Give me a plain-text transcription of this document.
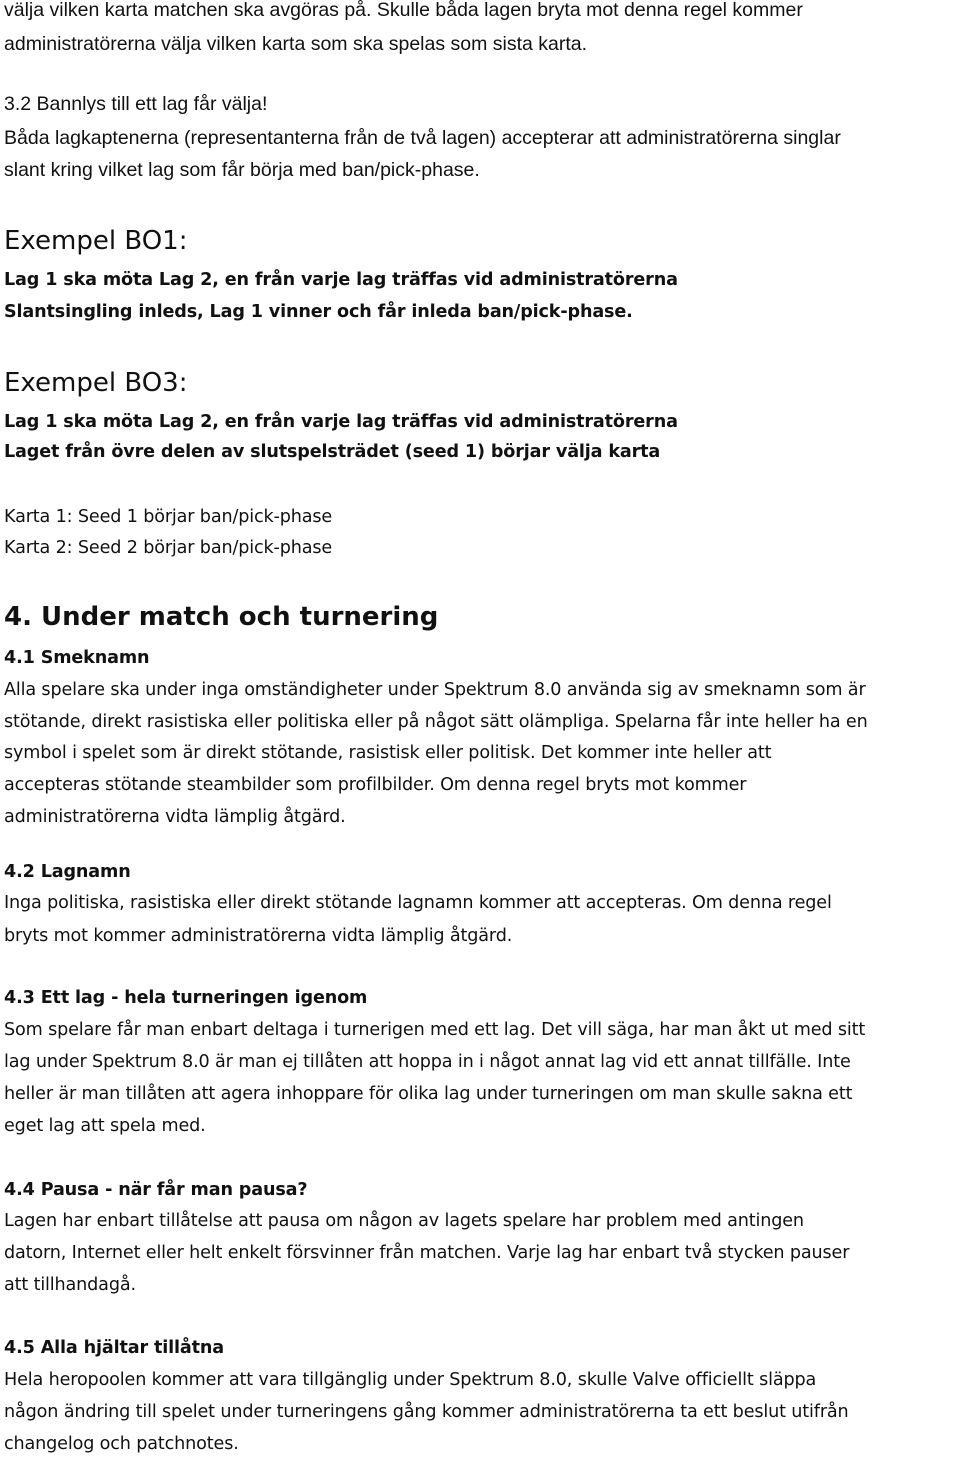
välja vilken karta matchen ska avgöras på. Skulle båda lagen bryta mot denna regel kommer
administratörerna välja vilken karta som ska spelas som sista karta.
3.2 Bannlys till ett lag får välja!
Båda lagkaptenerna (representanterna från de två lagen) accepterar att administratörerna singlar
slant kring vilket lag som får börja med ban/pick-phase.
Exempel BO1:
Lag 1 ska möta Lag 2, en från varje lag träffas vid administratörerna
Slantsingling inleds, Lag 1 vinner och får inleda ban/pick-phase.
Exempel BO3:
Lag 1 ska möta Lag 2, en från varje lag träffas vid administratörerna
Laget från övre delen av slutspelsträdet (seed 1) börjar välja karta
Karta 1: Seed 1 börjar ban/pick-phase
Karta 2: Seed 2 börjar ban/pick-phase
4. Under match och turnering
4.1 Smeknamn
Alla spelare ska under inga omständigheter under Spektrum 8.0 använda sig av smeknamn som är
stötande, direkt rasistiska eller politiska eller på något sätt olämpliga. Spelarna får inte heller ha en
symbol i spelet som är direkt stötande, rasistisk eller politisk. Det kommer inte heller att
accepteras stötande steambilder som profilbilder. Om denna regel bryts mot kommer
administratörerna vidta lämplig åtgärd.
4.2 Lagnamn
Inga politiska, rasistiska eller direkt stötande lagnamn kommer att accepteras. Om denna regel
bryts mot kommer administratörerna vidta lämplig åtgärd.
4.3 Ett lag - hela turneringen igenom
Som spelare får man enbart deltaga i turnerigen med ett lag. Det vill säga, har man åkt ut med sitt
lag under Spektrum 8.0 är man ej tillåten att hoppa in i något annat lag vid ett annat tillfälle. Inte
heller är man tillåten att agera inhoppare för olika lag under turneringen om man skulle sakna ett
eget lag att spela med.
4.4 Pausa - när får man pausa?
Lagen har enbart tillåtelse att pausa om någon av lagets spelare har problem med antingen
datorn, Internet eller helt enkelt försvinner från matchen. Varje lag har enbart två stycken pauser
att tillhandagå.
4.5 Alla hjältar tillåtna
Hela heropoolen kommer att vara tillgänglig under Spektrum 8.0, skulle Valve officiellt släppa
någon ändring till spelet under turneringens gång kommer administratörerna ta ett beslut utifrån
changelog och patchnotes.
